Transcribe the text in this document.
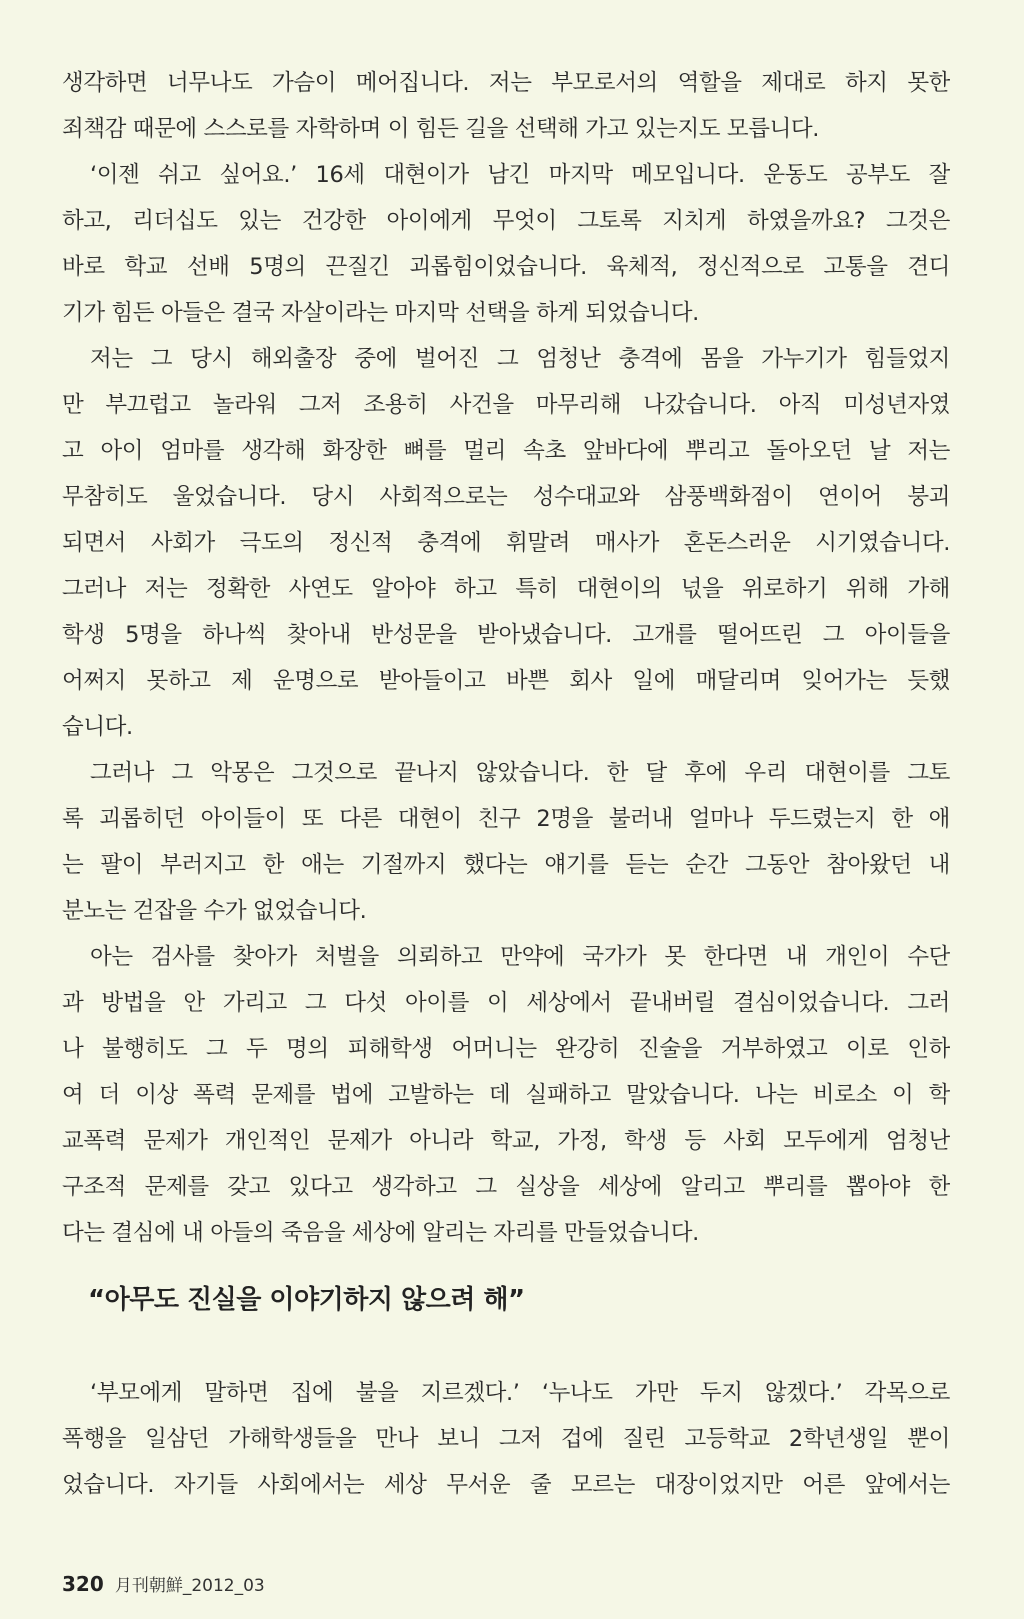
생각하면 너무나도 가슴이 메어집니다. 저는 부모로서의 역할을 제대로 하지 못한
죄책감 때문에 스스로를 자학하며 이 힘든 길을 선택해 가고 있는지도 모릅니다.
‘이젠 쉬고 싶어요.’ 16세 대현이가 남긴 마지막 메모입니다. 운동도 공부도 잘
하고, 리더십도 있는 건강한 아이에게 무엇이 그토록 지치게 하였을까요? 그것은
바로 학교 선배 5명의 끈질긴 괴롭힘이었습니다. 육체적, 정신적으로 고통을 견디
기가 힘든 아들은 결국 자살이라는 마지막 선택을 하게 되었습니다.
저는 그 당시 해외출장 중에 벌어진 그 엄청난 충격에 몸을 가누기가 힘들었지
만 부끄럽고 놀라워 그저 조용히 사건을 마무리해 나갔습니다. 아직 미성년자였
고 아이 엄마를 생각해 화장한 뼈를 멀리 속초 앞바다에 뿌리고 돌아오던 날 저는
무참히도 울었습니다. 당시 사회적으로는 성수대교와 삼풍백화점이 연이어 붕괴
되면서 사회가 극도의 정신적 충격에 휘말려 매사가 혼돈스러운 시기였습니다.
그러나 저는 정확한 사연도 알아야 하고 특히 대현이의 넋을 위로하기 위해 가해
학생 5명을 하나씩 찾아내 반성문을 받아냈습니다. 고개를 떨어뜨린 그 아이들을
어쩌지 못하고 제 운명으로 받아들이고 바쁜 회사 일에 매달리며 잊어가는 듯했
습니다.
그러나 그 악몽은 그것으로 끝나지 않았습니다. 한 달 후에 우리 대현이를 그토
록 괴롭히던 아이들이 또 다른 대현이 친구 2명을 불러내 얼마나 두드렸는지 한 애
는 팔이 부러지고 한 애는 기절까지 했다는 얘기를 듣는 순간 그동안 참아왔던 내
분노는 걷잡을 수가 없었습니다.
아는 검사를 찾아가 처벌을 의뢰하고 만약에 국가가 못 한다면 내 개인이 수단
과 방법을 안 가리고 그 다섯 아이를 이 세상에서 끝내버릴 결심이었습니다. 그러
나 불행히도 그 두 명의 피해학생 어머니는 완강히 진술을 거부하였고 이로 인하
여 더 이상 폭력 문제를 법에 고발하는 데 실패하고 말았습니다. 나는 비로소 이 학
교폭력 문제가 개인적인 문제가 아니라 학교, 가정, 학생 등 사회 모두에게 엄청난
구조적 문제를 갖고 있다고 생각하고 그 실상을 세상에 알리고 뿌리를 뽑아야 한
다는 결심에 내 아들의 죽음을 세상에 알리는 자리를 만들었습니다.
“아무도 진실을 이야기하지 않으려 해”
‘부모에게 말하면 집에 불을 지르겠다.’ ‘누나도 가만 두지 않겠다.’ 각목으로
폭행을 일삼던 가해학생들을 만나 보니 그저 겁에 질린 고등학교 2학년생일 뿐이
었습니다. 자기들 사회에서는 세상 무서운 줄 모르는 대장이었지만 어른 앞에서는
320 月刊朝鮮_2012_03
